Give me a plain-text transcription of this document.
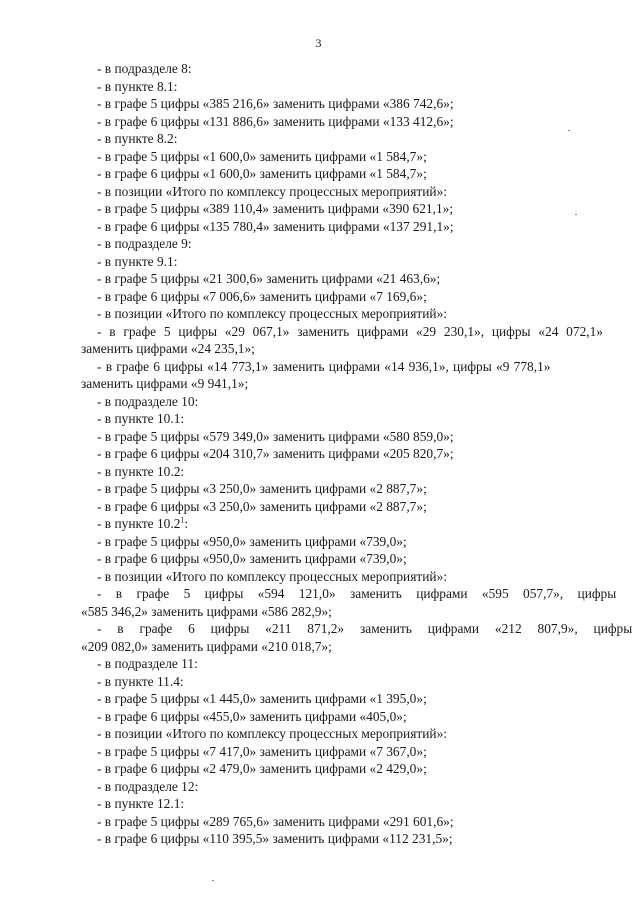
3

- в подразделе 8:

- в пункте 8.1:

- в графе 5 цифры «385 216,6» заменить цифрами «386 742,6»;

- в графе 6 цифры «131 886,6» заменить цифрами «133 412,6»;

- в пункте 8.2:

- в графе 5 цифры «1 600,0» заменить цифрами «1 584,7»;

- в графе 6 цифры «1 600,0» заменить цифрами «1 584,7»;

- в позиции «Итого по комплексу процессных мероприятий»:

- в графе 5 цифры «389 110,4» заменить цифрами «390 621,1»;

- в графе 6 цифры «135 780,4» заменить цифрами «137 291,1»;

- в подразделе 9:

- в пункте 9.1:

- в графе 5 цифры «21 300,6» заменить цифрами «21 463,6»;

- в графе 6 цифры «7 006,6» заменить цифрами «7 169,6»;

- в позиции «Итого по комплексу процессных мероприятий»:

- в графе 5 цифры «29 067,1» заменить цифрами «29 230,1», цифры «24 072,1»
заменить цифрами «24 235,1»;
- в графе 6 цифры «14 773,1» заменить цифрами «14 936,1», цифры «9 778,1»
заменить цифрами «9 941,1»;

- в подразделе 10:

- в пункте 10.1:

- в графе 5 цифры «579 349,0» заменить цифрами «580 859,0»;

- в графе 6 цифры «204 310,7» заменить цифрами «205 820,7»;

- в пункте 10.2:

- в графе 5 цифры «3 250,0» заменить цифрами «2 887,7»;

- в графе 6 цифры «3 250,0» заменить цифрами «2 887,7»;

- в пункте 10.2$^1$:

- в графе 5 цифры «950,0» заменить цифрами «739,0»;

- в графе 6 цифры «950,0» заменить цифрами «739,0»;

- в позиции «Итого по комплексу процессных мероприятий»:

- в графе 5 цифры «594 121,0» заменить цифрами «595 057,7», цифры
«585 346,2» заменить цифрами «586 282,9»;
- в графе 6 цифры «211 871,2» заменить цифрами «212 807,9», цифры
«209 082,0» заменить цифрами «210 018,7»;

- в подразделе 11:

- в пункте 11.4:

- в графе 5 цифры «1 445,0» заменить цифрами «1 395,0»;

- в графе 6 цифры «455,0» заменить цифрами «405,0»;

- в позиции «Итого по комплексу процессных мероприятий»:

- в графе 5 цифры «7 417,0» заменить цифрами «7 367,0»;

- в графе 6 цифры «2 479,0» заменить цифрами «2 429,0»;

- в подразделе 12:

- в пункте 12.1:

- в графе 5 цифры «289 765,6» заменить цифрами «291 601,6»;

- в графе 6 цифры «110 395,5» заменить цифрами «112 231,5»;
